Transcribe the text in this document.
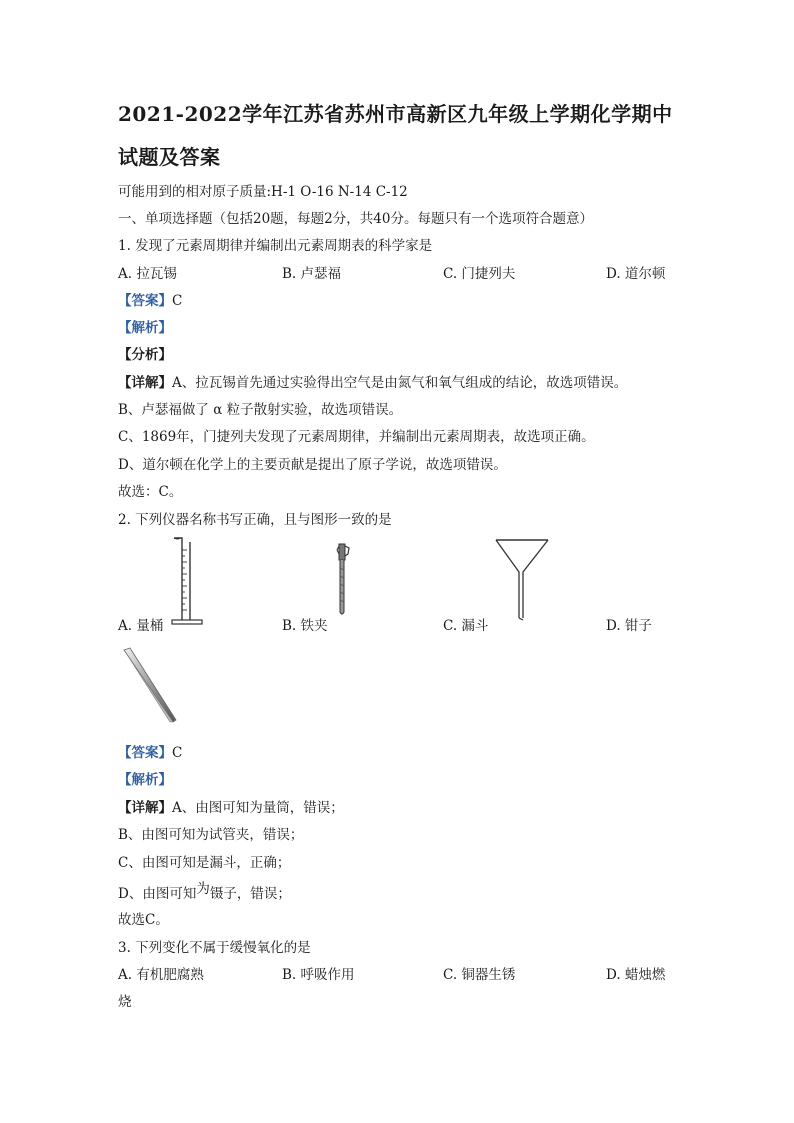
2021-2022学年江苏省苏州市高新区九年级上学期化学期中
试题及答案
可能用到的相对原子质量:H-1 O-16 N-14 C-12
一、单项选择题（包括20题，每题2分，共40分。每题只有一个选项符合题意）
1. 发现了元素周期律并编制出元素周期表的科学家是
A. 拉瓦锡	B. 卢瑟福	C. 门捷列夫	D. 道尔顿
【答案】C
【解析】
【分析】
【详解】A、拉瓦锡首先通过实验得出空气是由氮气和氧气组成的结论，故选项错误。
B、卢瑟福做了 α 粒子散射实验，故选项错误。
C、1869年，门捷列夫发现了元素周期律，并编制出元素周期表，故选项正确。
D、道尔顿在化学上的主要贡献是提出了原子学说，故选项错误。
故选：C。
2. 下列仪器名称书写正确，且与图形一致的是
A. 量桶	B. 铁夹	C. 漏斗	D. 钳子
【答案】C
【解析】
【详解】A、由图可知为量筒，错误；
B、由图可知为试管夹，错误；
C、由图可知是漏斗，正确；
D、由图可知为镊子，错误；
故选C。
3. 下列变化不属于缓慢氧化的是
A. 有机肥腐熟	B. 呼吸作用	C. 铜器生锈	D. 蜡烛燃
烧
